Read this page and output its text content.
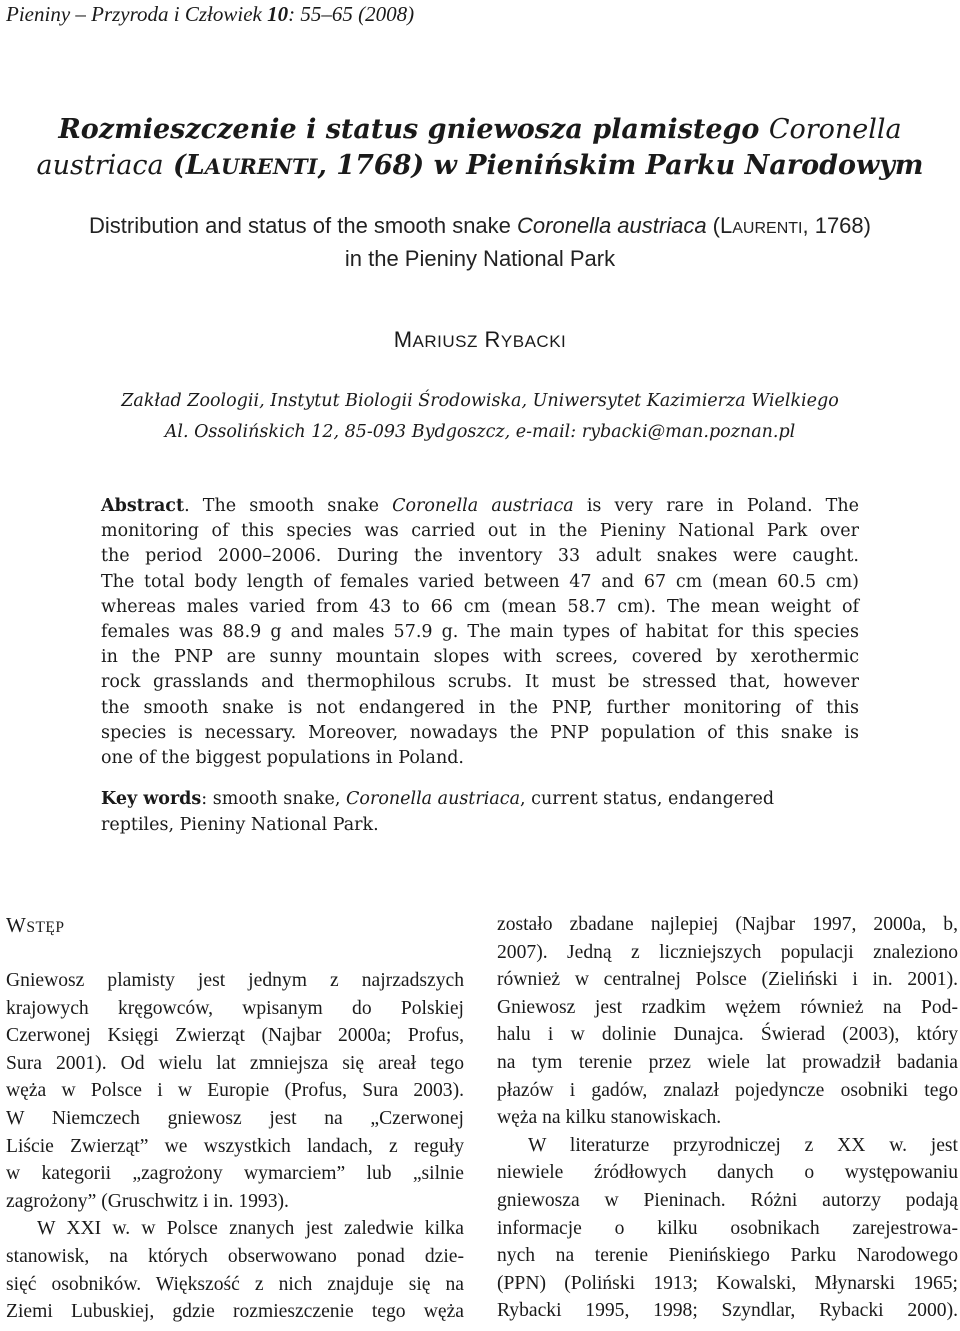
Pieniny – Przyroda i Człowiek 10: 55–65 (2008)
Rozmieszczenie i status gniewosza plamistego Coronella
austriaca (LAURENTI, 1768) w Pienińskim Parku Narodowym
Distribution and status of the smooth snake Coronella austriaca (LAURENTI, 1768)
in the Pieniny National Park
MARIUSZ RYBACKI
Zakład Zoologii, Instytut Biologii Środowiska, Uniwersytet Kazimierza Wielkiego
Al. Ossolińskich 12, 85-093 Bydgoszcz, e-mail: rybacki@man.poznan.pl
Abstract. The smooth snake Coronella austriaca is very rare in Poland. The
monitoring of this species was carried out in the Pieniny National Park over
the period 2000–2006. During the inventory 33 adult snakes were caught.
The total body length of females varied between 47 and 67 cm (mean 60.5 cm)
whereas males varied from 43 to 66 cm (mean 58.7 cm). The mean weight of
females was 88.9 g and males 57.9 g. The main types of habitat for this species
in the PNP are sunny mountain slopes with screes, covered by xerothermic
rock grasslands and thermophilous scrubs. It must be stressed that, however
the smooth snake is not endangered in the PNP, further monitoring of this
species is necessary. Moreover, nowadays the PNP population of this snake is
one of the biggest populations in Poland.
Key words: smooth snake, Coronella austriaca, current status, endangered
reptiles, Pieniny National Park.
WSTĘP
Gniewosz plamisty jest jednym z najrzadszych
krajowych kręgowców, wpisanym do Polskiej
Czerwonej Księgi Zwierząt (Najbar 2000a; Profus,
Sura 2001). Od wielu lat zmniejsza się areał tego
węża w Polsce i w Europie (Profus, Sura 2003).
W Niemczech gniewosz jest na „Czerwonej
Liście Zwierząt” we wszystkich landach, z reguły
w kategorii „zagrożony wymarciem” lub „silnie
zagrożony” (Gruschwitz i in. 1993).
W XXI w. w Polsce znanych jest zaledwie kilka
stanowisk, na których obserwowano ponad dzie-
sięć osobników. Większość z nich znajduje się na
Ziemi Lubuskiej, gdzie rozmieszczenie tego węża
zostało zbadane najlepiej (Najbar 1997, 2000a, b,
2007). Jedną z liczniejszych populacji znaleziono
również w centralnej Polsce (Zieliński i in. 2001).
Gniewosz jest rzadkim wężem również na Pod-
halu i w dolinie Dunajca. Świerad (2003), który
na tym terenie przez wiele lat prowadził badania
płazów i gadów, znalazł pojedyncze osobniki tego
węża na kilku stanowiskach.
W literaturze przyrodniczej z XX w. jest
niewiele źródłowych danych o występowaniu
gniewosza w Pieninach. Różni autorzy podają
informacje o kilku osobnikach zarejestrowa-
nych na terenie Pienińskiego Parku Narodowego
(PPN) (Poliński 1913; Kowalski, Młynarski 1965;
Rybacki 1995, 1998; Szyndlar, Rybacki 2000).
